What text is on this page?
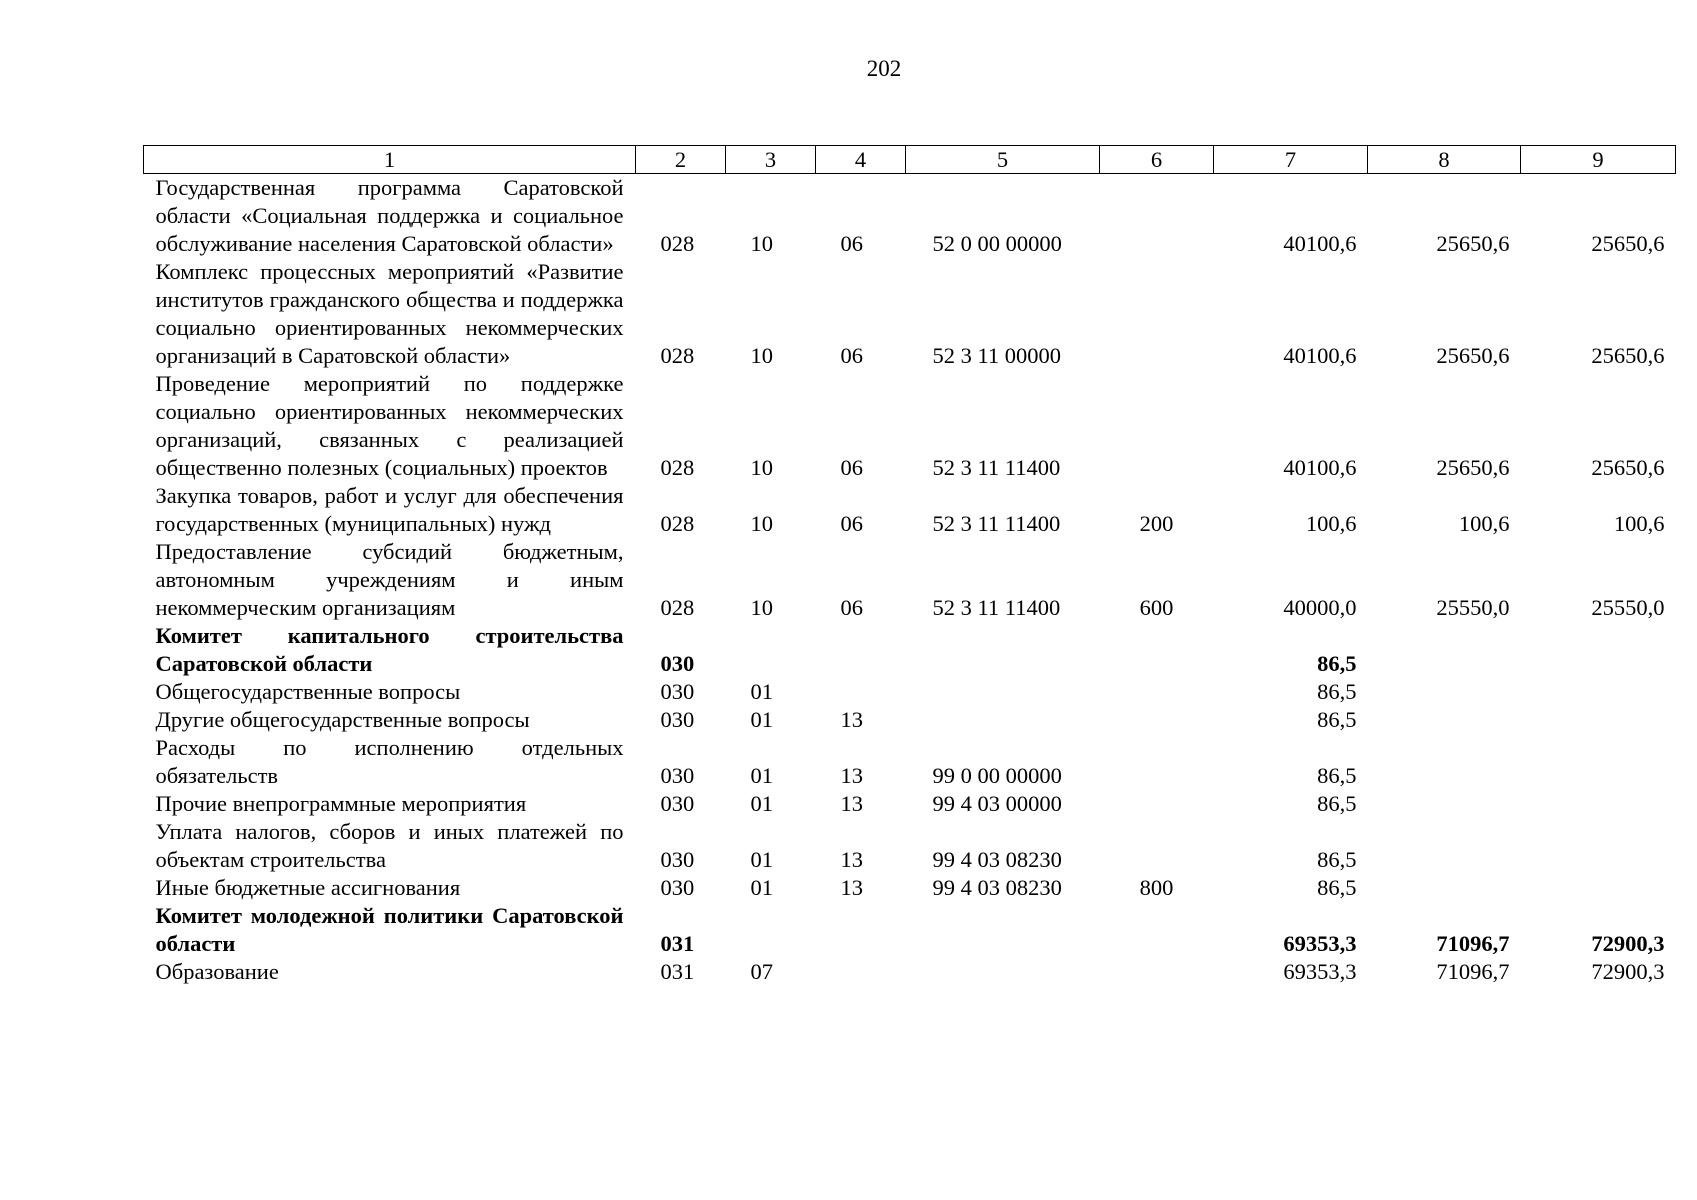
202
1	2	3	4	5	6	7	8	9
Государственная программа Саратовской области «Социальная поддержка и социальное обслуживание населения Саратовской области»	028	10	06	52 0 00 00000		40100,6	25650,6	25650,6
Комплекс процессных мероприятий «Развитие институтов гражданского общества и поддержка социально ориентированных некоммерческих организаций в Саратовской области»	028	10	06	52 3 11 00000		40100,6	25650,6	25650,6
Проведение мероприятий по поддержке социально ориентированных некоммерческих организаций, связанных с реализацией общественно полезных (социальных) проектов	028	10	06	52 3 11 11400		40100,6	25650,6	25650,6
Закупка товаров, работ и услуг для обеспечения государственных (муниципальных) нужд	028	10	06	52 3 11 11400	200	100,6	100,6	100,6
Предоставление субсидий бюджетным, автономным учреждениям и иным некоммерческим организациям	028	10	06	52 3 11 11400	600	40000,0	25550,0	25550,0
Комитет капитального строительства Саратовской области	030					86,5		
Общегосударственные вопросы	030	01				86,5		
Другие общегосударственные вопросы	030	01	13			86,5		
Расходы по исполнению отдельных обязательств	030	01	13	99 0 00 00000		86,5		
Прочие внепрограммные мероприятия	030	01	13	99 4 03 00000		86,5		
Уплата налогов, сборов и иных платежей по объектам строительства	030	01	13	99 4 03 08230		86,5		
Иные бюджетные ассигнования	030	01	13	99 4 03 08230	800	86,5		
Комитет молодежной политики Саратовской области	031					69353,3	71096,7	72900,3
Образование	031	07				69353,3	71096,7	72900,3
